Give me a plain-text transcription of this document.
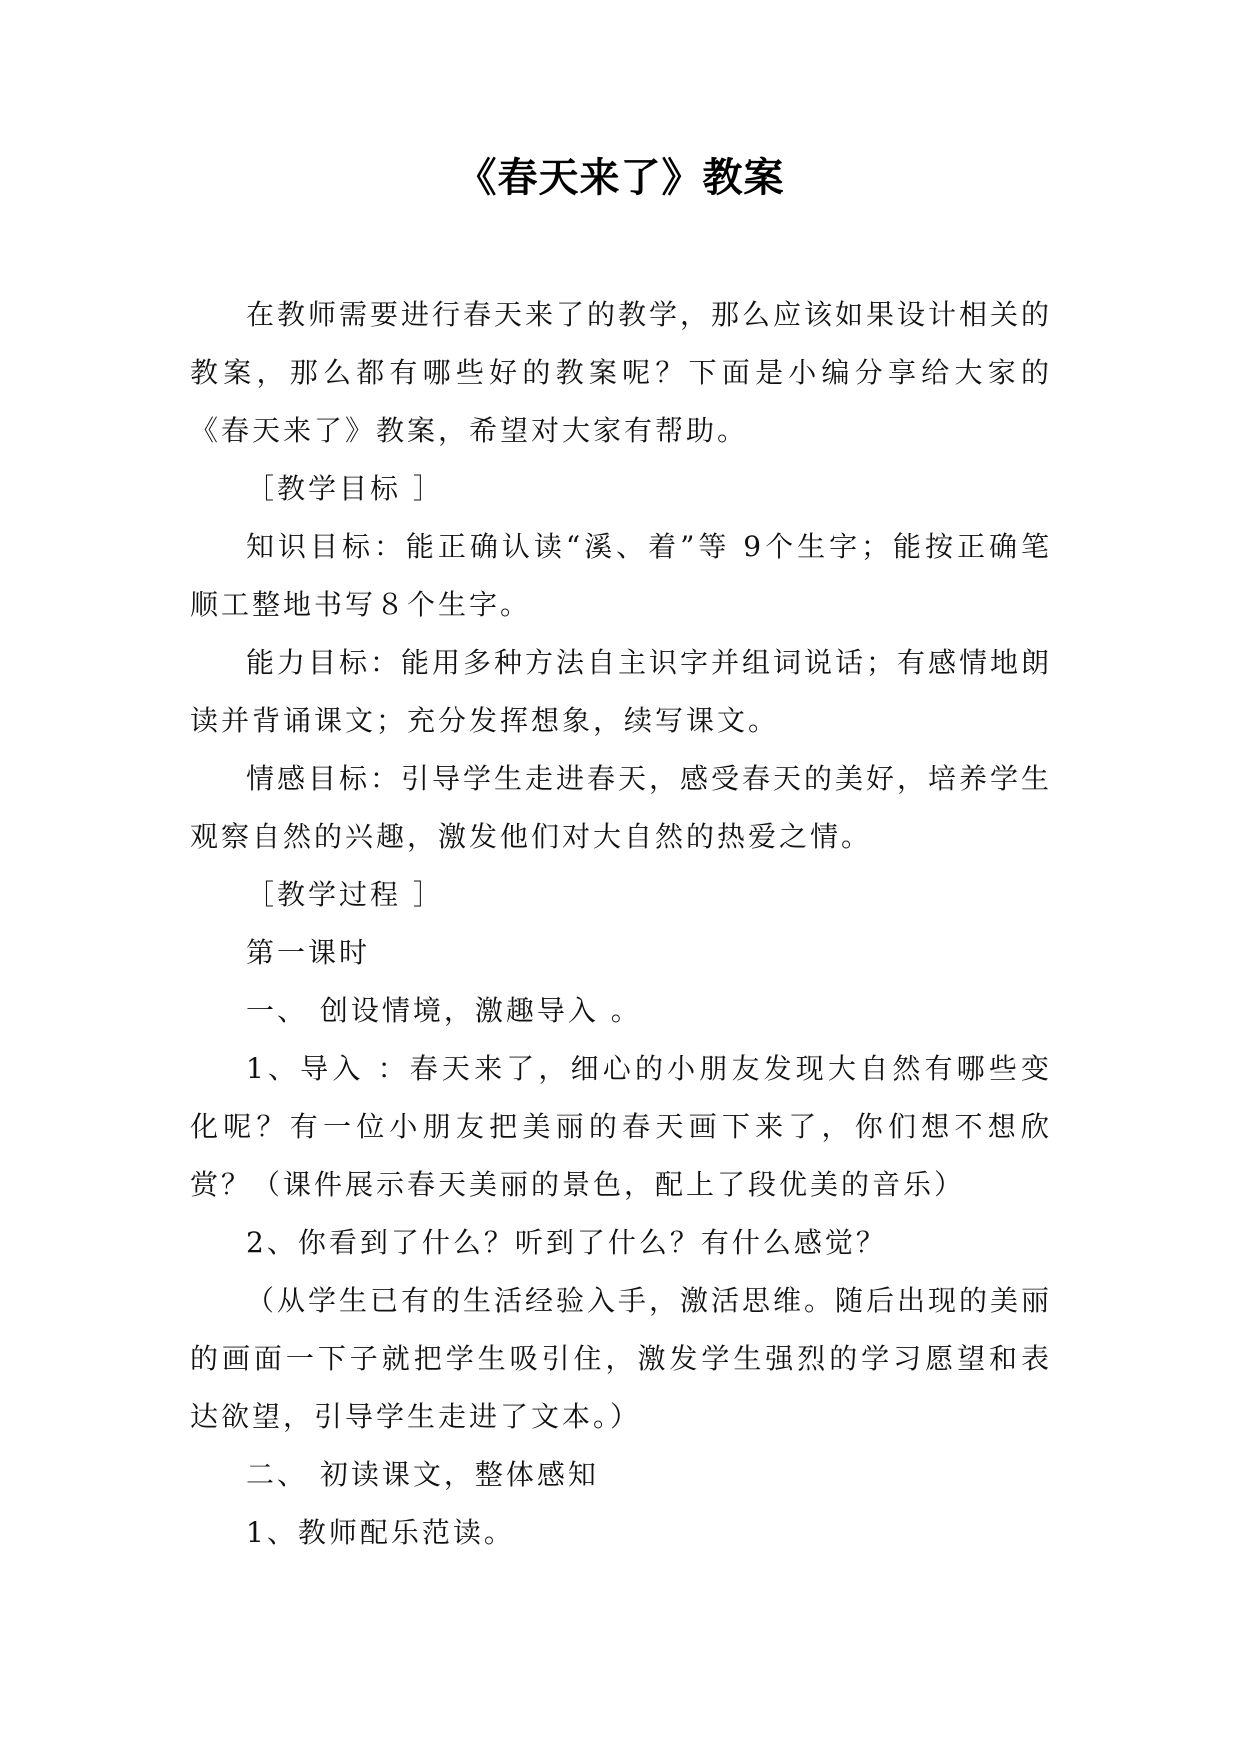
《春天来了》教案

在教师需要进行春天来了的教学，那么应该如果设计相关的教案，那么都有哪些好的教案呢？下面是小编分享给大家的《春天来了》教案，希望对大家有帮助。

［教学目标 ］

知识目标：能正确认读“溪、着”等 9个生字；能按正确笔顺工整地书写８个生字。

能力目标：能用多种方法自主识字并组词说话；有感情地朗读并背诵课文；充分发挥想象，续写课文。

情感目标：引导学生走进春天，感受春天的美好，培养学生观察自然的兴趣，激发他们对大自然的热爱之情。

［教学过程 ］

第一课时

一、 创设情境，激趣导入 。

1、导入 ：春天来了，细心的小朋友发现大自然有哪些变化呢？有一位小朋友把美丽的春天画下来了，你们想不想欣赏？（课件展示春天美丽的景色，配上了段优美的音乐）

2、你看到了什么？听到了什么？有什么感觉？

（从学生已有的生活经验入手，激活思维。随后出现的美丽的画面一下子就把学生吸引住，激发学生强烈的学习愿望和表达欲望，引导学生走进了文本。）

二、 初读课文，整体感知

1、教师配乐范读。
